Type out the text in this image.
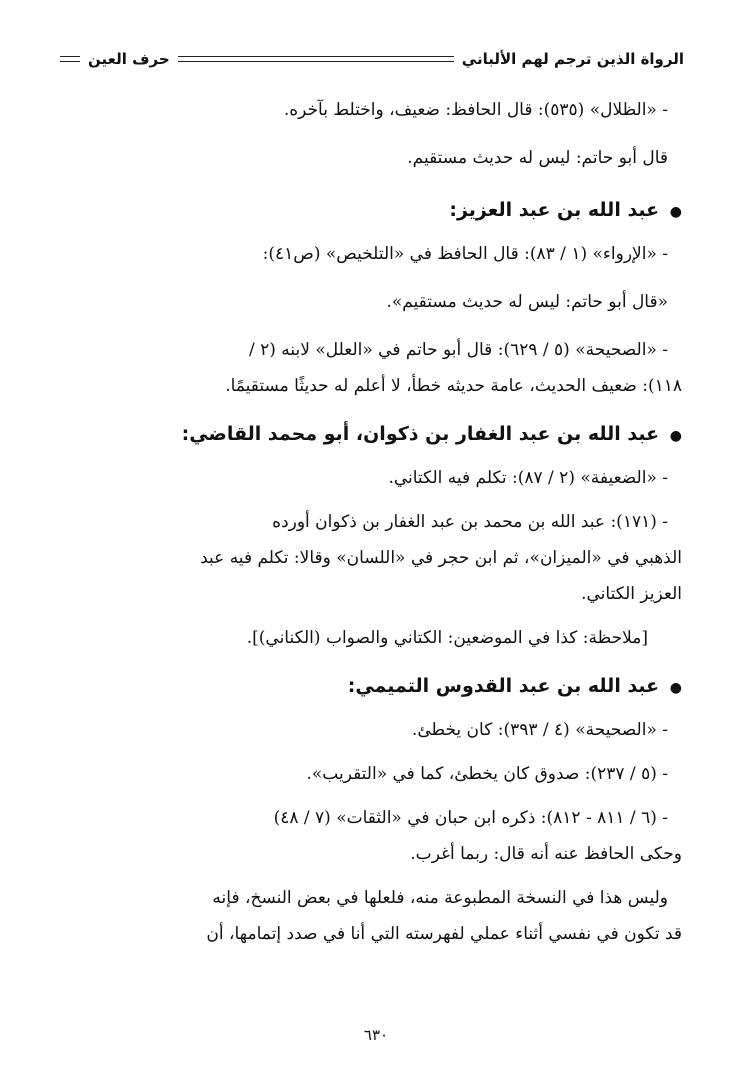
الرواة الذين ترجم لهم الألباني
حرف العين

- «الظلال» (٥٣٥): قال الحافظ: ضعيف، واختلط بآخره.

قال أبو حاتم: ليس له حديث مستقيم.

● عبد الله بن عبد العزيز:

- «الإرواء» (١ / ٨٣): قال الحافظ في «التلخيص» (ص٤١):

«قال أبو حاتم: ليس له حديث مستقيم».

- «الصحيحة» (٥ / ٦٢٩): قال أبو حاتم في «العلل» لابنه (٢ /

١١٨): ضعيف الحديث، عامة حديثه خطأ، لا أعلم له حديثًا مستقيمًا.

● عبد الله بن عبد الغفار بن ذكوان، أبو محمد القاضي:

- «الضعيفة» (٢ / ٨٧): تكلم فيه الكتاني.

- (١٧١): عبد الله بن محمد بن عبد الغفار بن ذكوان أورده

الذهبي في «الميزان»، ثم ابن حجر في «اللسان» وقالا: تكلم فيه عبد

العزيز الكتاني.

[ملاحظة: كذا في الموضعين: الكتاني والصواب (الكناني)].

● عبد الله بن عبد القدوس التميمي:

- «الصحيحة» (٤ / ٣٩٣): كان يخطئ.

- (٥ / ٢٣٧): صدوق كان يخطئ، كما في «التقريب».

- (٦ / ٨١١ - ٨١٢): ذكره ابن حبان في «الثقات» (٧ / ٤٨)

وحكى الحافظ عنه أنه قال: ربما أغرب.

وليس هذا في النسخة المطبوعة منه، فلعلها في بعض النسخ، فإنه

قد تكون في نفسي أثناء عملي لفهرسته التي أنا في صدد إتمامها، أن

٦٣٠
